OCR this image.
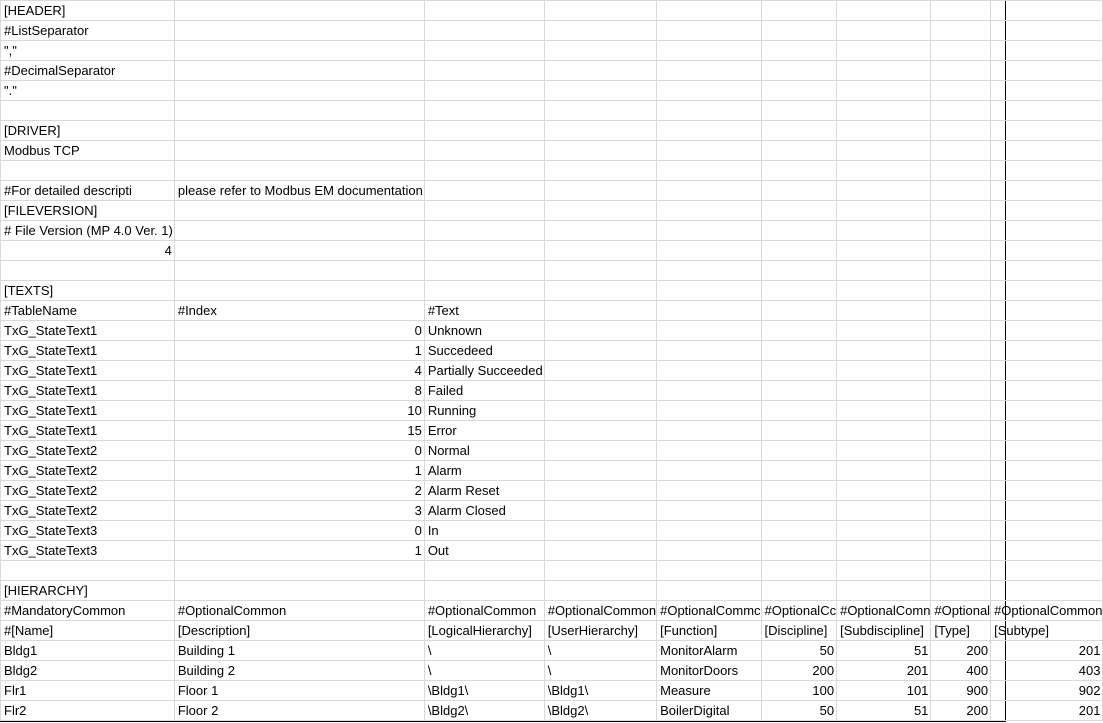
[HEADER]								
#ListSeparator								
","								
#DecimalSeparator								
"."								

[DRIVER]								
Modbus TCP								

#For detailed descripti	please refer to Modbus EM documentation							
[FILEVERSION]								
# File Version (MP 4.0 Ver. 1)								
4								

[TEXTS]								
#TableName	#Index	#Text						
TxG_StateText1	0	Unknown						
TxG_StateText1	1	Succedeed						
TxG_StateText1	4	Partially Succeeded						
TxG_StateText1	8	Failed						
TxG_StateText1	10	Running						
TxG_StateText1	15	Error						
TxG_StateText2	0	Normal						
TxG_StateText2	1	Alarm						
TxG_StateText2	2	Alarm Reset						
TxG_StateText2	3	Alarm Closed						
TxG_StateText3	0	In						
TxG_StateText3	1	Out						

[HIERARCHY]								
#MandatoryCommon	#OptionalCommon	#OptionalCommon	#OptionalCommon	#OptionalCommc	#OptionalCc	#OptionalComn	#Optional	#OptionalCommon
#[Name]	[Description]	[LogicalHierarchy]	[UserHierarchy]	[Function]	[Discipline]	[Subdiscipline]	[Type]	[Subtype]
Bldg1	Building 1	\	\	MonitorAlarm	50	51	200	201
Bldg2	Building 2	\	\	MonitorDoors	200	201	400	403
Flr1	Floor 1	\Bldg1\	\Bldg1\	Measure	100	101	900	902
Flr2	Floor 2	\Bldg2\	\Bldg2\	BoilerDigital	50	51	200	201
